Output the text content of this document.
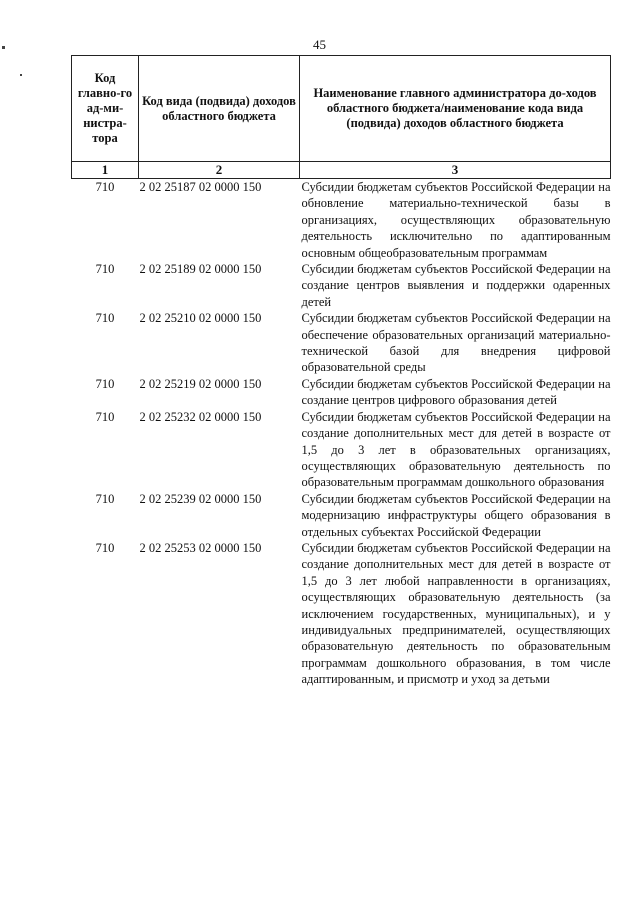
45
Код главно-го ад-ми-нистра-тора	Код вида (подвида) доходов областного бюджета	Наименование главного администратора до-ходов областного бюджета/наименование кода вида (подвида) доходов областного бюджета
1	2	3
710	2 02 25187 02 0000 150	Субсидии бюджетам субъектов Российской Федерации на обновление материально-технической базы в организациях, осуществляющих образовательную деятельность исключительно по адаптированным основным общеобразовательным программам
710	2 02 25189 02 0000 150	Субсидии бюджетам субъектов Российской Федерации на создание центров выявления и поддержки одаренных детей
710	2 02 25210 02 0000 150	Субсидии бюджетам субъектов Российской Федерации на обеспечение образовательных организаций материально-технической базой для внедрения цифровой образовательной среды
710	2 02 25219 02 0000 150	Субсидии бюджетам субъектов Российской Федерации на создание центров цифрового образования детей
710	2 02 25232 02 0000 150	Субсидии бюджетам субъектов Российской Федерации на создание дополнительных мест для детей в возрасте от 1,5 до 3 лет в образовательных организациях, осуществляющих образовательную деятельность по образовательным программам дошкольного образования
710	2 02 25239 02 0000 150	Субсидии бюджетам субъектов Российской Федерации на модернизацию инфраструктуры общего образования в отдельных субъектах Российской Федерации
710	2 02 25253 02 0000 150	Субсидии бюджетам субъектов Российской Федерации на создание дополнительных мест для детей в возрасте от 1,5 до 3 лет любой направленности в организациях, осуществляющих образовательную деятельность (за исключением государственных, муниципальных), и у индивидуальных предпринимателей, осуществляющих образовательную деятельность по образовательным программам дошкольного образования, в том числе адаптированным, и присмотр и уход за детьми
